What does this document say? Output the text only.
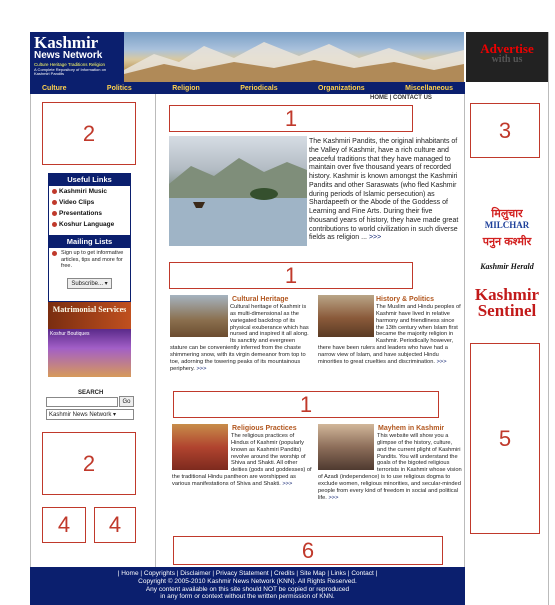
Kashmir
News Network
Culture Heritage Traditions Religion
A Complete Repository of Information on Kashmiri Pandits
Advertise
with us
Culture	Politics	Religion	Periodicals	Organizations	Miscellaneous
HOME | CONTACT US
2
Useful Links
Kashmiri Music
Video Clips
Presentations
Koshur Language
Mailing Lists
Sign up to get informative articles, tips and more for free.
Subscribe... ▾
Matrimonial Services
Koshur Boutiques
SEARCH
Go
Kashmir News Network ▾
2
4 4
1
The Kashmiri Pandits, the original inhabitants of the Valley of Kashmir, have a rich culture and peaceful traditions that they have managed to maintain over five thousand years of recorded history. Kashmir is known amongst the Kashmiri Pandits and other Saraswats (who fled Kashmir during periods of Islamic persecution) as Shardapeeth or the Abode of the Goddess of Learning and Fine Arts. During their five thousand years of history, they have made great contributions to world civilization in such diverse fields as religion ... >>>
1
Cultural Heritage
Cultural heritage of Kashmir is as multi-dimensional as the variegated backdrop of its physical exuberance which has nursed and inspired it all along. Its sanctity and evergreen stature can be conveniently inferred from the chaste shimmering snow, with its virgin demeanor from top to toe, adorning the towering peaks of its mountainous periphery. >>>
History & Politics
The Muslim and Hindu peoples of Kashmir have lived in relative harmony and friendliness since the 13th century when Islam first became the majority religion in Kashmir. Periodically however, there have been rulers and leaders who have had a narrow view of Islam, and have subjected Hindu minorities to great cruelties and discrimination. >>>
1
Religious Practices
The religious practices of Hindus of Kashmir (popularly known as Kashmiri Pandits) revolve around the worship of Shiva and Shakti. All other deities (gods and goddesses) of the traditional Hindu pantheon are worshipped as various manifestations of Shiva and Shakti. >>>
Mayhem in Kashmir
This website will show you a glimpse of the history, culture, and the current plight of Kashmiri Pandits. You will understand the goals of the bigoted religious terrorists in Kashmir whose vision of Azadi (independence) is to use religious dogma to exclude women, religious minorities, and secular-minded people from every kind of freedom in social and political life. >>>
6
3
मिलुचार
MILCHAR
पनुन कश्मीर
Kashmir Herald
Kashmir
Sentinel
5
| Home | Copyrights | Disclaimer | Privacy Statement | Credits | Site Map | Links | Contact |
Copyright © 2005-2010 Kashmir News Network (KNN). All Rights Reserved.
Any content available on this site should NOT be copied or reproduced
in any form or context without the written permission of KNN.
